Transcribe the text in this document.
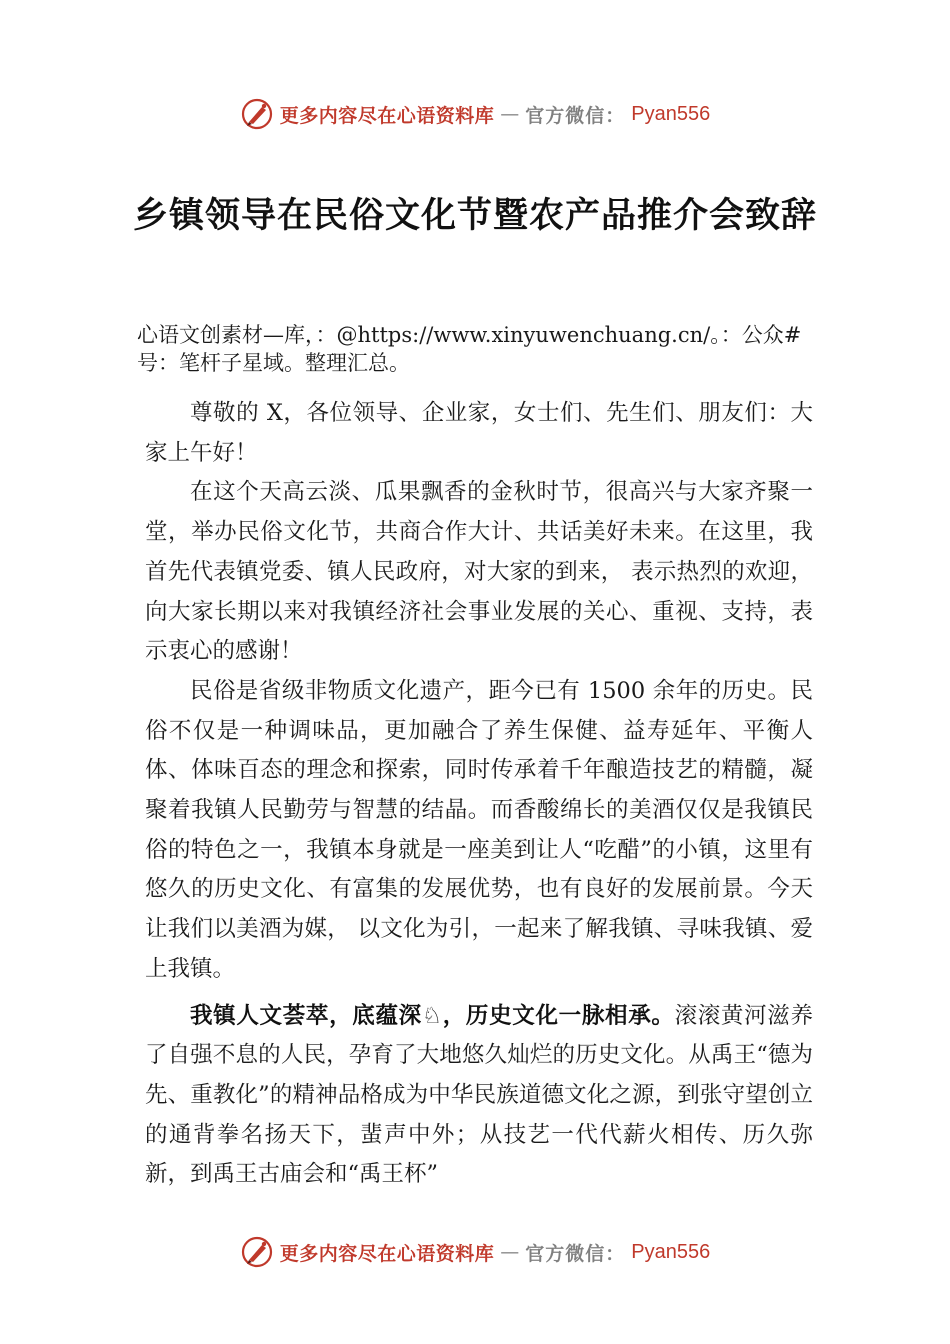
更多内容尽在心语资料库 — 官方微信： Pyan556
乡镇领导在民俗文化节暨农产品推介会致辞

心语文创素材—库，：@https://www.xinyuwenchuang.cn/。：公众#号：笔杆子星域。整理汇总。

尊敬的 X，各位领导、企业家，女士们、先生们、朋友们：大家上午好！

在这个天高云淡、瓜果飘香的金秋时节，很高兴与大家齐聚一堂，举办民俗文化节，共商合作大计、共话美好未来。在这里，我首先代表镇党委、镇人民政府，对大家的到来， 表示热烈的欢迎，向大家长期以来对我镇经济社会事业发展的关心、重视、支持，表示衷心的感谢！

民俗是省级非物质文化遗产，距今已有 1500 余年的历史。民俗不仅是一种调味品，更加融合了养生保健、益寿延年、平衡人体、体味百态的理念和探索，同时传承着千年酿造技艺的精髓，凝聚着我镇人民勤劳与智慧的结晶。而香酸绵长的美酒仅仅是我镇民俗的特色之一，我镇本身就是一座美到让人“吃醋”的小镇，这里有悠久的历史文化、有富集的发展优势，也有良好的发展前景。今天让我们以美酒为媒， 以文化为引，一起来了解我镇、寻味我镇、爱上我镇。

我镇人文荟萃，底蕴深♘，历史文化一脉相承。滚滚黄河滋养了自强不息的人民，孕育了大地悠久灿烂的历史文化。从禹王“德为先、重教化”的精神品格成为中华民族道德文化之源，到张守望创立的通背拳名扬天下，蜚声中外；从技艺一代代薪火相传、历久弥新，到禹王古庙会和“禹王杯”

更多内容尽在心语资料库 — 官方微信： Pyan556
